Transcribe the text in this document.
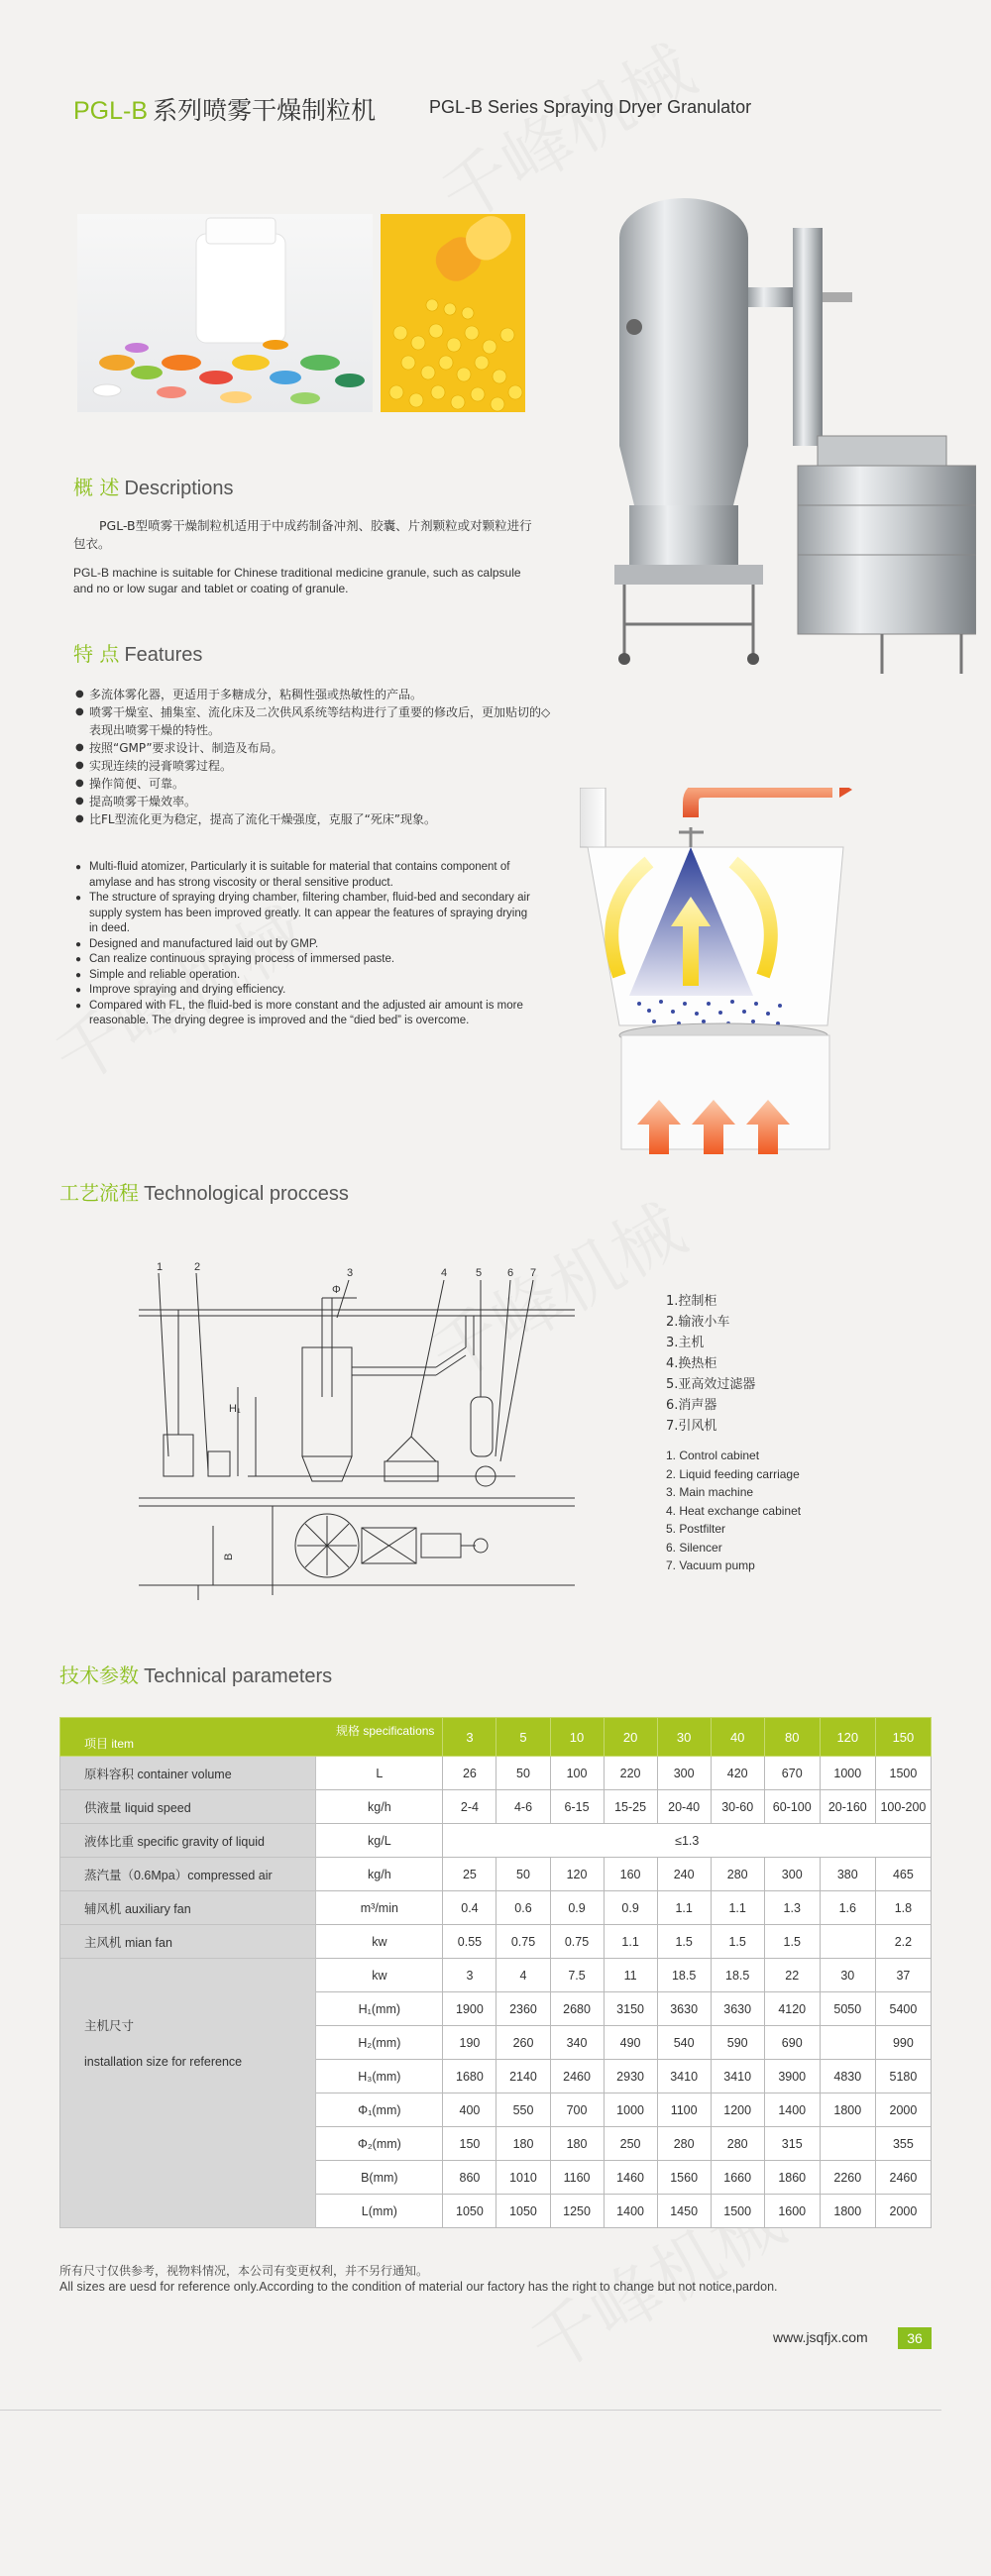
PGL-B 系列喷雾干燥制粒机	PGL-B Series Spraying Dryer Granulator
概 述 Descriptions
PGL-B型喷雾干燥制粒机适用于中成药制备冲剂、胶囊、片剂颗粒或对颗粒进行包衣。
PGL-B machine is suitable for Chinese traditional medicine granule, such as calpsule and no or low sugar and tablet or coating of granule.
特 点 Features
● 多流体雾化器，更适用于多糖成分，粘稠性强或热敏性的产品。
● 喷雾干燥室、捕集室、流化床及二次供风系统等结构进行了重要的修改后，更加贴切的◇表现出喷雾干燥的特性。
● 按照“GMP”要求设计、制造及布局。
● 实现连续的浸膏喷雾过程。
● 操作简便、可靠。
● 提高喷雾干燥效率。
● 比FL型流化更为稳定，提高了流化干燥强度，克服了“死床”现象。
● Multi-fluid atomizer, Particularly it is suitable for material that contains component of amylase and has strong viscosity or theral sensitive product.
● The structure of spraying drying chamber, filtering chamber, fluid-bed and secondary air supply system has been improved greatly. It can appear the features of spraying drying in deed.
● Designed and manufactured laid out by GMP.
● Can realize continuous spraying process of immersed paste.
● Simple and reliable operation.
● Improve spraying and drying efficiency.
● Compared with FL, the fluid-bed is more constant and the adjusted air amount is more reasonable. The drying degree is improved and the “died bed” is overcome.
工艺流程 Technological proccess
1	2	3	4	5 6 7
H₁
Φ
B
1.控制柜
2.输液小车
3.主机
4.换热柜
5.亚高效过滤器
6.消声器
7.引风机
1. Control cabinet
2. Liquid feeding carriage
3. Main machine
4. Heat exchange cabinet
5. Postfilter
6. Silencer
7. Vacuum pump
技术参数 Technical parameters
项目 item
规格 specifications		3	5	10	20	30	40	80	120	150
原料容积 container volume	L	26	50	100	220	300	420	670	1000	1500
供液量 liquid speed	kg/h	2-4	4-6	6-15	15-25	20-40	30-60	60-100	20-160	100-200
液体比重 specific gravity of liquid	kg/L	≤1.3								
蒸汽量（0.6Mpa）compressed air	kg/h	25	50	120	160	240	280	300	380	465
辅风机 auxiliary fan	m³/min	0.4	0.6	0.9	0.9	1.1	1.1	1.3	1.6	1.8
主风机 mian fan	kw	0.55	0.75	0.75	1.1	1.5	1.5	1.5		2.2

主机尺寸
installation size for reference	kw	3	4	7.5	11	18.5	18.5	22	30	37
	H₁(mm)	1900	2360	2680	3150	3630	3630	4120	5050	5400
	H₂(mm)	190	260	340	490	540	590	690		990
	H₃(mm)	1680	2140	2460	2930	3410	3410	3900	4830	5180
	Φ₁(mm)	400	550	700	1000	1100	1200	1400	1800	2000
	Φ₂(mm)	150	180	180	250	280	280	315		355
	B(mm)	860	1010	1160	1460	1560	1660	1860	2260	2460
	L(mm)	1050	1050	1250	1400	1450	1500	1600	1800	2000
所有尺寸仅供参考，视物料情况，本公司有变更权利，并不另行通知。
All sizes are uesd for reference only.According to the condition of material our factory has the right to change but not notice,pardon.
www.jsqfjx.com	36
